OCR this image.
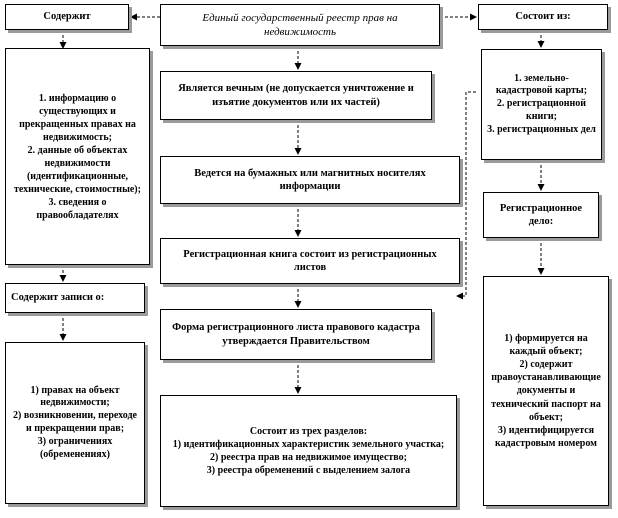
Единый государственный реестр прав на недвижимость
Содержит
1. информацию о существующих и прекращенных правах на недвижимость;
2. данные об объектах недвижимости (идентификационные, технические, стоимостные);
3. сведения о правообладателях
Содержит записи о:
1) правах на объект недвижимости;
2) возникновении, переходе и прекращении прав;
3) ограничениях (обременениях)
Является вечным (не допускается уничтожение и изъятие документов или их частей)
Ведется на бумажных или магнитных носителях информации
Регистрационная книга состоит из регистрационных листов
Форма регистрационного листа правового кадастра утверждается Правительством
Состоит из трех разделов:
1) идентификационных характеристик земельного участка;
2) реестра прав на недвижимое имущество;
3) реестра обременений с выделением залога
Состоит из:
1. земельно-кадастровой карты;
2. регистрационной книги;
3. регистрационных дел
Регистрационное дело:
1) формируется на каждый объект;
2) содержит правоустанавливающие документы и технический паспорт на объект;
3) идентифицируется кадастровым номером
